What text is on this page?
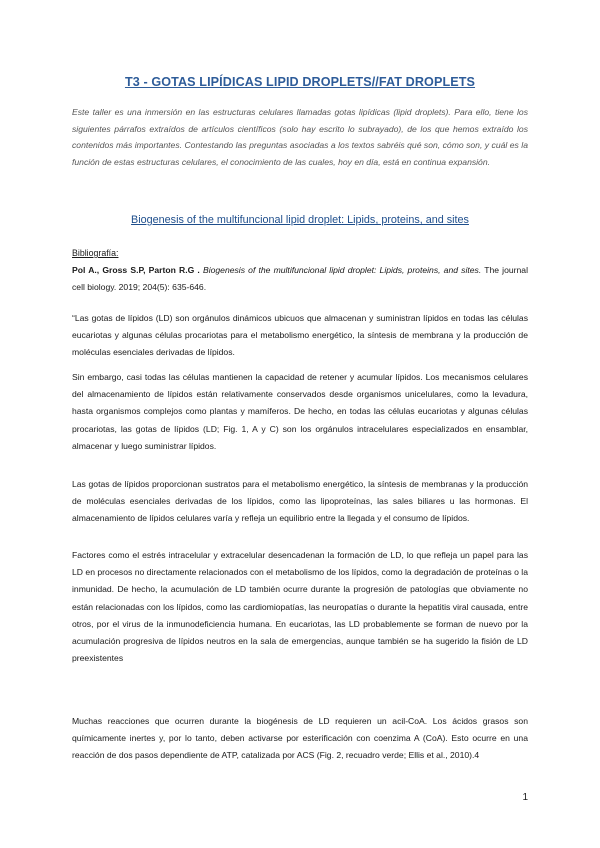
T3 - GOTAS LIPÍDICAS LIPID DROPLETS//FAT DROPLETS
Este taller es una inmersión en las estructuras celulares llamadas gotas lipídicas (lipid droplets). Para ello, tiene los siguientes párrafos extraídos de artículos científicos (solo hay escrito lo subrayado), de los que hemos extraído los contenidos más importantes. Contestando las preguntas asociadas a los textos sabréis qué son, cómo son, y cuál es la función de estas estructuras celulares, el conocimiento de las cuales, hoy en día, está en continua expansión.
Biogenesis of the multifuncional lipid droplet: Lipids, proteins, and sites
Bibliografía:
Pol A., Gross S.P, Parton R.G . Biogenesis of the multifuncional lipid droplet: Lipids, proteins, and sites. The journal cell biology. 2019; 204(5): 635-646.
“Las gotas de lípidos (LD) son orgánulos dinámicos ubicuos que almacenan y suministran lípidos en todas las células eucariotas y algunas células procariotas para el metabolismo energético, la síntesis de membrana y la producción de moléculas esenciales derivadas de lípidos.
Sin embargo, casi todas las células mantienen la capacidad de retener y acumular lípidos. Los mecanismos celulares del almacenamiento de lípidos están relativamente conservados desde organismos unicelulares, como la levadura, hasta organismos complejos como plantas y mamíferos. De hecho, en todas las células eucariotas y algunas células procariotas, las gotas de lípidos (LD; Fig. 1, A y C) son los orgánulos intracelulares especializados en ensamblar, almacenar y luego suministrar lípidos.
Las gotas de lípidos proporcionan sustratos para el metabolismo energético, la síntesis de membranas y la producción de moléculas esenciales derivadas de los lípidos, como las lipoproteínas, las sales biliares u las hormonas. El almacenamiento de lípidos celulares varía y refleja un equilibrio entre la llegada y el consumo de lípidos.
Factores como el estrés intracelular y extracelular desencadenan la formación de LD, lo que refleja un papel para las LD en procesos no directamente relacionados con el metabolismo de los lípidos, como la degradación de proteínas o la inmunidad. De hecho, la acumulación de LD también ocurre durante la progresión de patologías que obviamente no están relacionadas con los lípidos, como las cardiomiopatías, las neuropatías o durante la hepatitis viral causada, entre otros, por el virus de la inmunodeficiencia humana. En eucariotas, las LD probablemente se forman de nuevo por la acumulación progresiva de lípidos neutros en la sala de emergencias, aunque también se ha sugerido la fisión de LD preexistentes
Muchas reacciones que ocurren durante la biogénesis de LD requieren un acil-CoA. Los ácidos grasos son químicamente inertes y, por lo tanto, deben activarse por esterificación con coenzima A (CoA). Esto ocurre en una reacción de dos pasos dependiente de ATP, catalizada por ACS (Fig. 2, recuadro verde; Ellis et al., 2010).4
1
